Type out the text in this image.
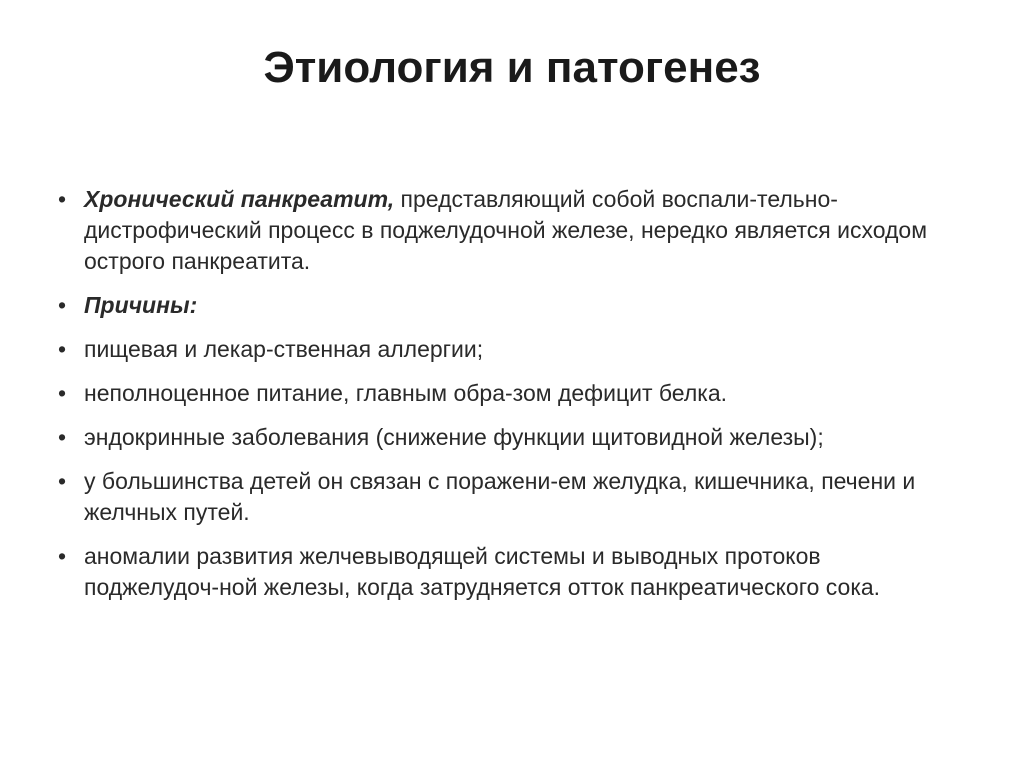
Этиология и патогенез
• Хронический панкреатит, представляющий собой воспали-тельно-дистрофический процесс в поджелудочной железе, нередко является исходом острого панкреатита.
• Причины:
• пищевая и лекар-ственная аллергии;
• неполноценное питание, главным обра-зом дефицит белка.
• эндокринные заболевания (снижение функции щитовидной железы);
• у большинства детей он связан с поражени-ем желудка, кишечника, печени и желчных путей.
• аномалии развития желчевыводящей системы и выводных протоков поджелудоч-ной железы, когда затрудняется отток панкреатического сока.
